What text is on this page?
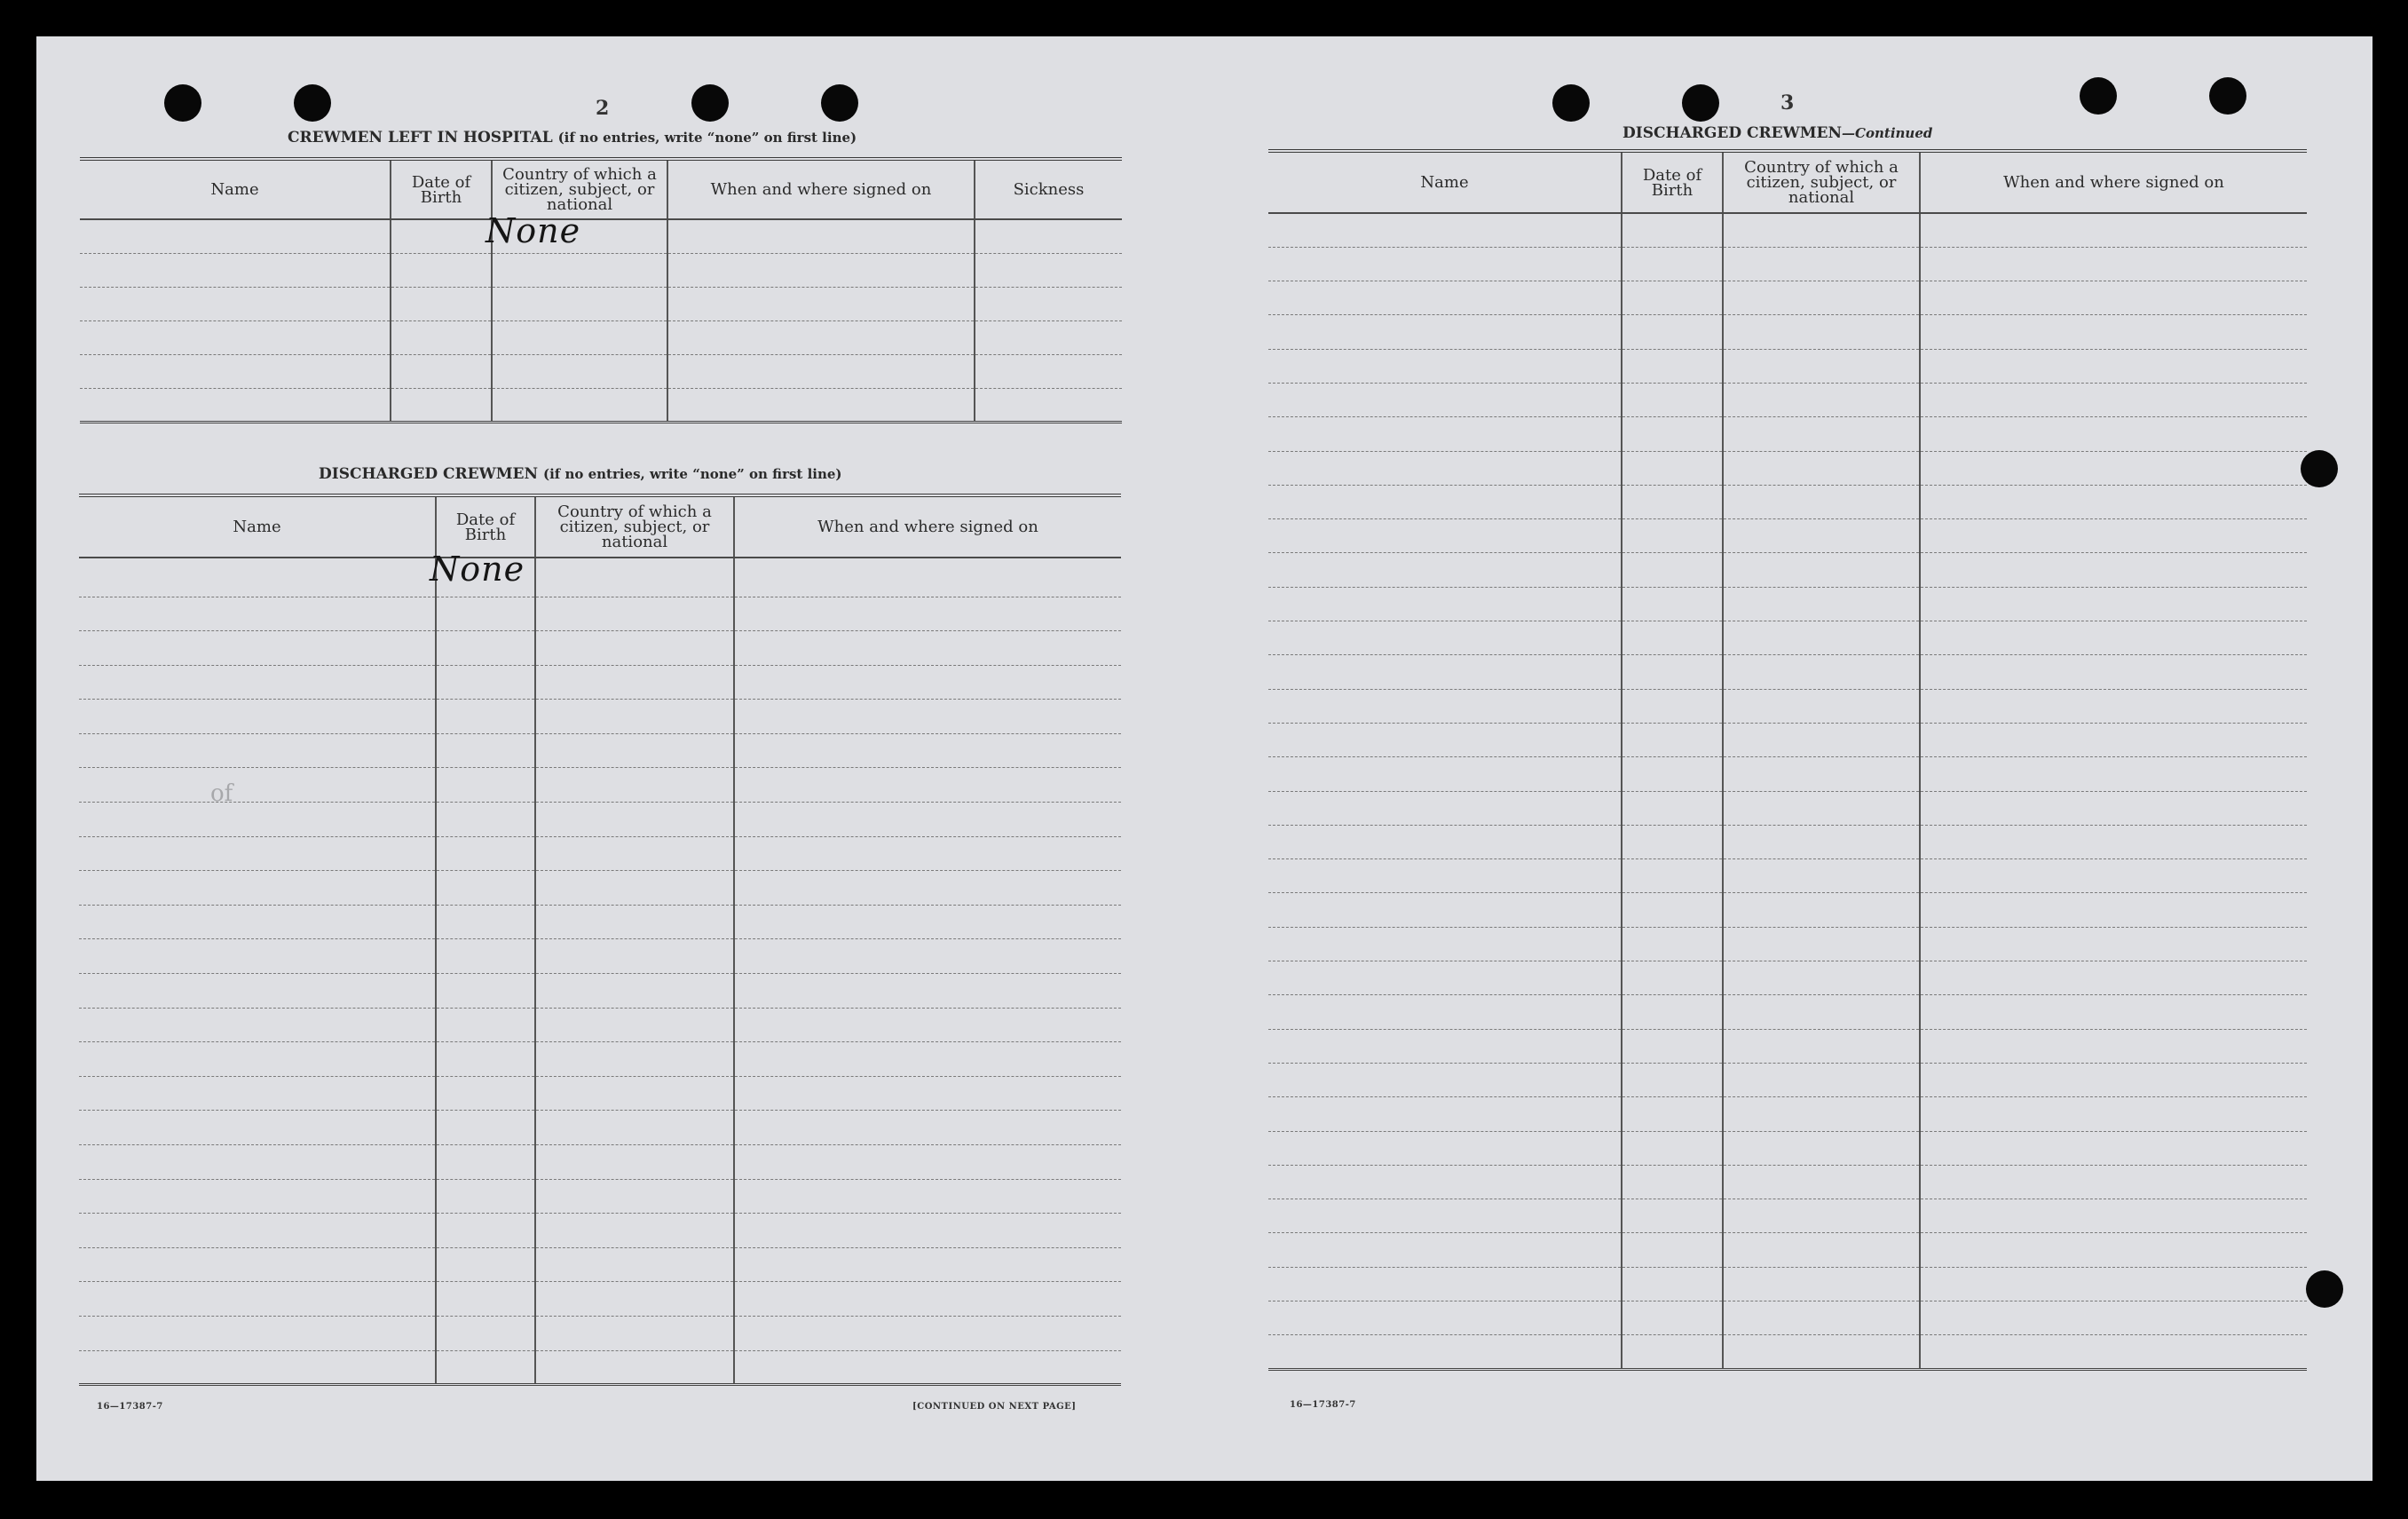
2
CREWMEN LEFT IN HOSPITAL (if no entries, write “none” on first line)
Name	Date of Birth	Country of which a citizen, subject, or national	When and where signed on	Sickness

		None		

DISCHARGED CREWMEN (if no entries, write “none” on first line)
Name	Date of Birth	Country of which a citizen, subject, or national	When and where signed on

	None		

16—17387-7	[CONTINUED ON NEXT PAGE]
of
3
DISCHARGED CREWMEN—Continued
Name	Date of Birth	Country of which a citizen, subject, or national	When and where signed on

16—17387-7
